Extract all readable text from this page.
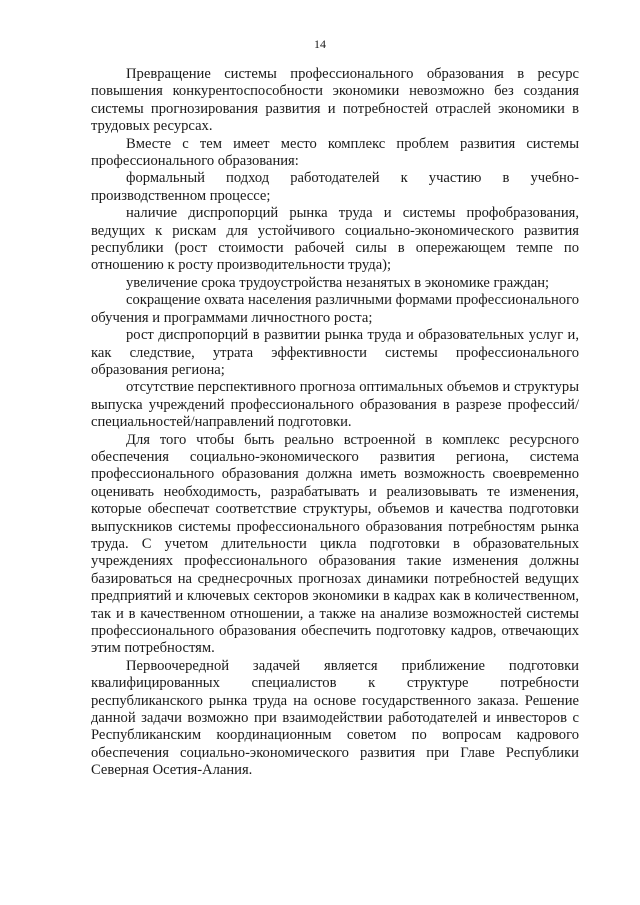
14

Превращение системы профессионального образования в ресурс повышения конкурентоспособности экономики невозможно без создания системы прогнозирования развития и потребностей отраслей экономики в трудовых ресурсах.

Вместе с тем имеет место комплекс проблем развития системы профессионального образования:

формальный подход работодателей к участию в учебно-производственном процессе;

наличие диспропорций рынка труда и системы профобразования, ведущих к рискам для устойчивого социально-экономического развития республики (рост стоимости рабочей силы в опережающем темпе по отношению к росту производительности труда);

увеличение срока трудоустройства незанятых в экономике граждан;

сокращение охвата населения различными формами профессионального обучения и программами личностного роста;

рост диспропорций в развитии рынка труда и образовательных услуг и, как следствие, утрата эффективности системы профессионального образования региона;

отсутствие перспективного прогноза оптимальных объемов и структуры выпуска учреждений профессионального образования в разрезе профессий/специальностей/направлений подготовки.

Для того чтобы быть реально встроенной в комплекс ресурсного обеспечения социально-экономического развития региона, система профессионального образования должна иметь возможность своевременно оценивать необходимость, разрабатывать и реализовывать те изменения, которые обеспечат соответствие структуры, объемов и качества подготовки выпускников системы профессионального образования потребностям рынка труда. С учетом длительности цикла подготовки в образовательных учреждениях профессионального образования такие изменения должны базироваться на среднесрочных прогнозах динамики потребностей ведущих предприятий и ключевых секторов экономики в кадрах как в количественном, так и в качественном отношении, а также на анализе возможностей системы профессионального образования обеспечить подготовку кадров, отвечающих этим потребностям.

Первоочередной задачей является приближение подготовки квалифицированных специалистов к структуре потребности республиканского рынка труда на основе государственного заказа. Решение данной задачи возможно при взаимодействии работодателей и инвесторов с Республиканским координационным советом по вопросам кадрового обеспечения социально-экономического развития при Главе Республики Северная Осетия-Алания.
